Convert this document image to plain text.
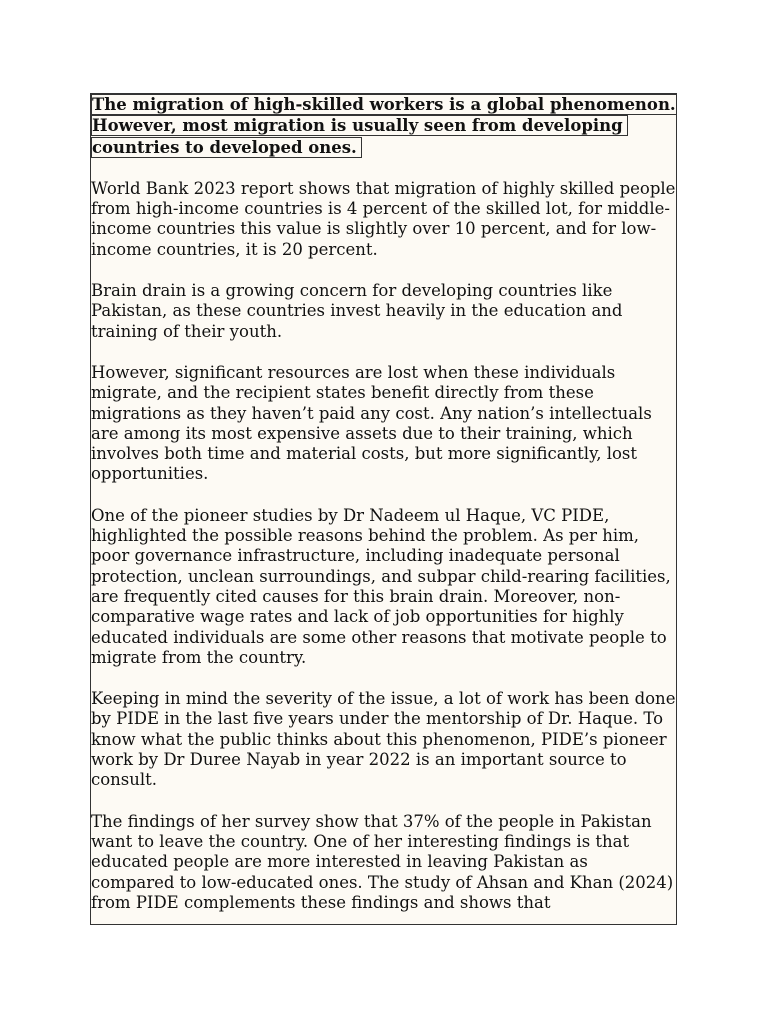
The migration of high-skilled workers is a global phenomenon. However, most migration is usually seen from developing countries to developed ones.

World Bank 2023 report shows that migration of highly skilled people from high-income countries is 4 percent of the skilled lot, for middle-income countries this value is slightly over 10 percent, and for low-income countries, it is 20 percent.

Brain drain is a growing concern for developing countries like Pakistan, as these countries invest heavily in the education and training of their youth.

However, significant resources are lost when these individuals migrate, and the recipient states benefit directly from these migrations as they haven’t paid any cost. Any nation’s intellectuals are among its most expensive assets due to their training, which involves both time and material costs, but more significantly, lost opportunities.

One of the pioneer studies by Dr Nadeem ul Haque, VC PIDE, highlighted the possible reasons behind the problem. As per him, poor governance infrastructure, including inadequate personal protection, unclean surroundings, and subpar child-rearing facilities, are frequently cited causes for this brain drain. Moreover, non-comparative wage rates and lack of job opportunities for highly educated individuals are some other reasons that motivate people to migrate from the country.

Keeping in mind the severity of the issue, a lot of work has been done by PIDE in the last five years under the mentorship of Dr. Haque. To know what the public thinks about this phenomenon, PIDE’s pioneer work by Dr Duree Nayab in year 2022 is an important source to consult.

The findings of her survey show that 37% of the people in Pakistan want to leave the country. One of her interesting findings is that educated people are more interested in leaving Pakistan as compared to low-educated ones. The study of Ahsan and Khan (2024) from PIDE complements these findings and shows that
